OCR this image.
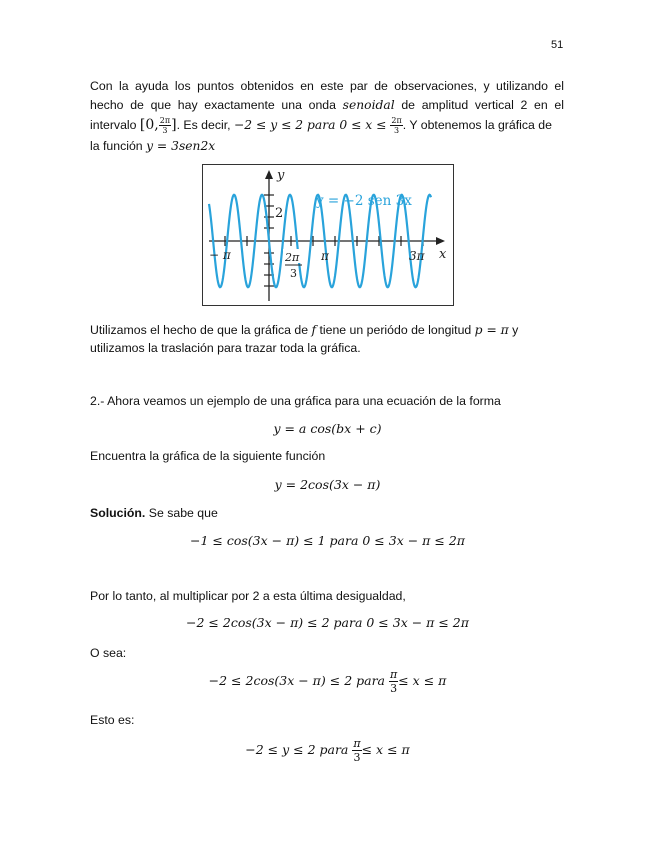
51
Con la ayuda los puntos obtenidos en este par de observaciones, y utilizando el
hecho de que hay exactamente una onda senoidal de amplitud vertical 2 en el
intervalo [0, $\frac{2\pi}{3}$ ]. Es decir, −2 ≤ y ≤ 2 para $0 \le x \le \frac{2\pi}{3}$ . Y obtenemos la gráfica de
la función y = 3sen2x
y
x
2
− π	π	3π
2π
3
y = −2 sen 3x
Utilizamos el hecho de que la gráfica de f tiene un periódo de longitud p = π y
utilizamos la traslación para trazar toda la gráfica.
2.- Ahora veamos un ejemplo de una gráfica para una ecuación de la forma
y = a cos(bx + c)
Encuentra la gráfica de la siguiente función
y = 2cos(3x − π)
Solución. Se sabe que
−1 ≤ cos(3x − π) ≤ 1 para 0 ≤ 3x − π ≤ 2π
Por lo tanto, al multiplicar por 2 a esta última desigualdad,
−2 ≤ 2cos(3x − π) ≤ 2 para 0 ≤ 3x − π ≤ 2π
O sea:
−2 ≤ 2cos(3x − π) ≤ 2 para $\frac{\pi}{3} \le x \le \pi$
Esto es:
−2 ≤ y ≤ 2 para $\frac{\pi}{3} \le x \le \pi$
